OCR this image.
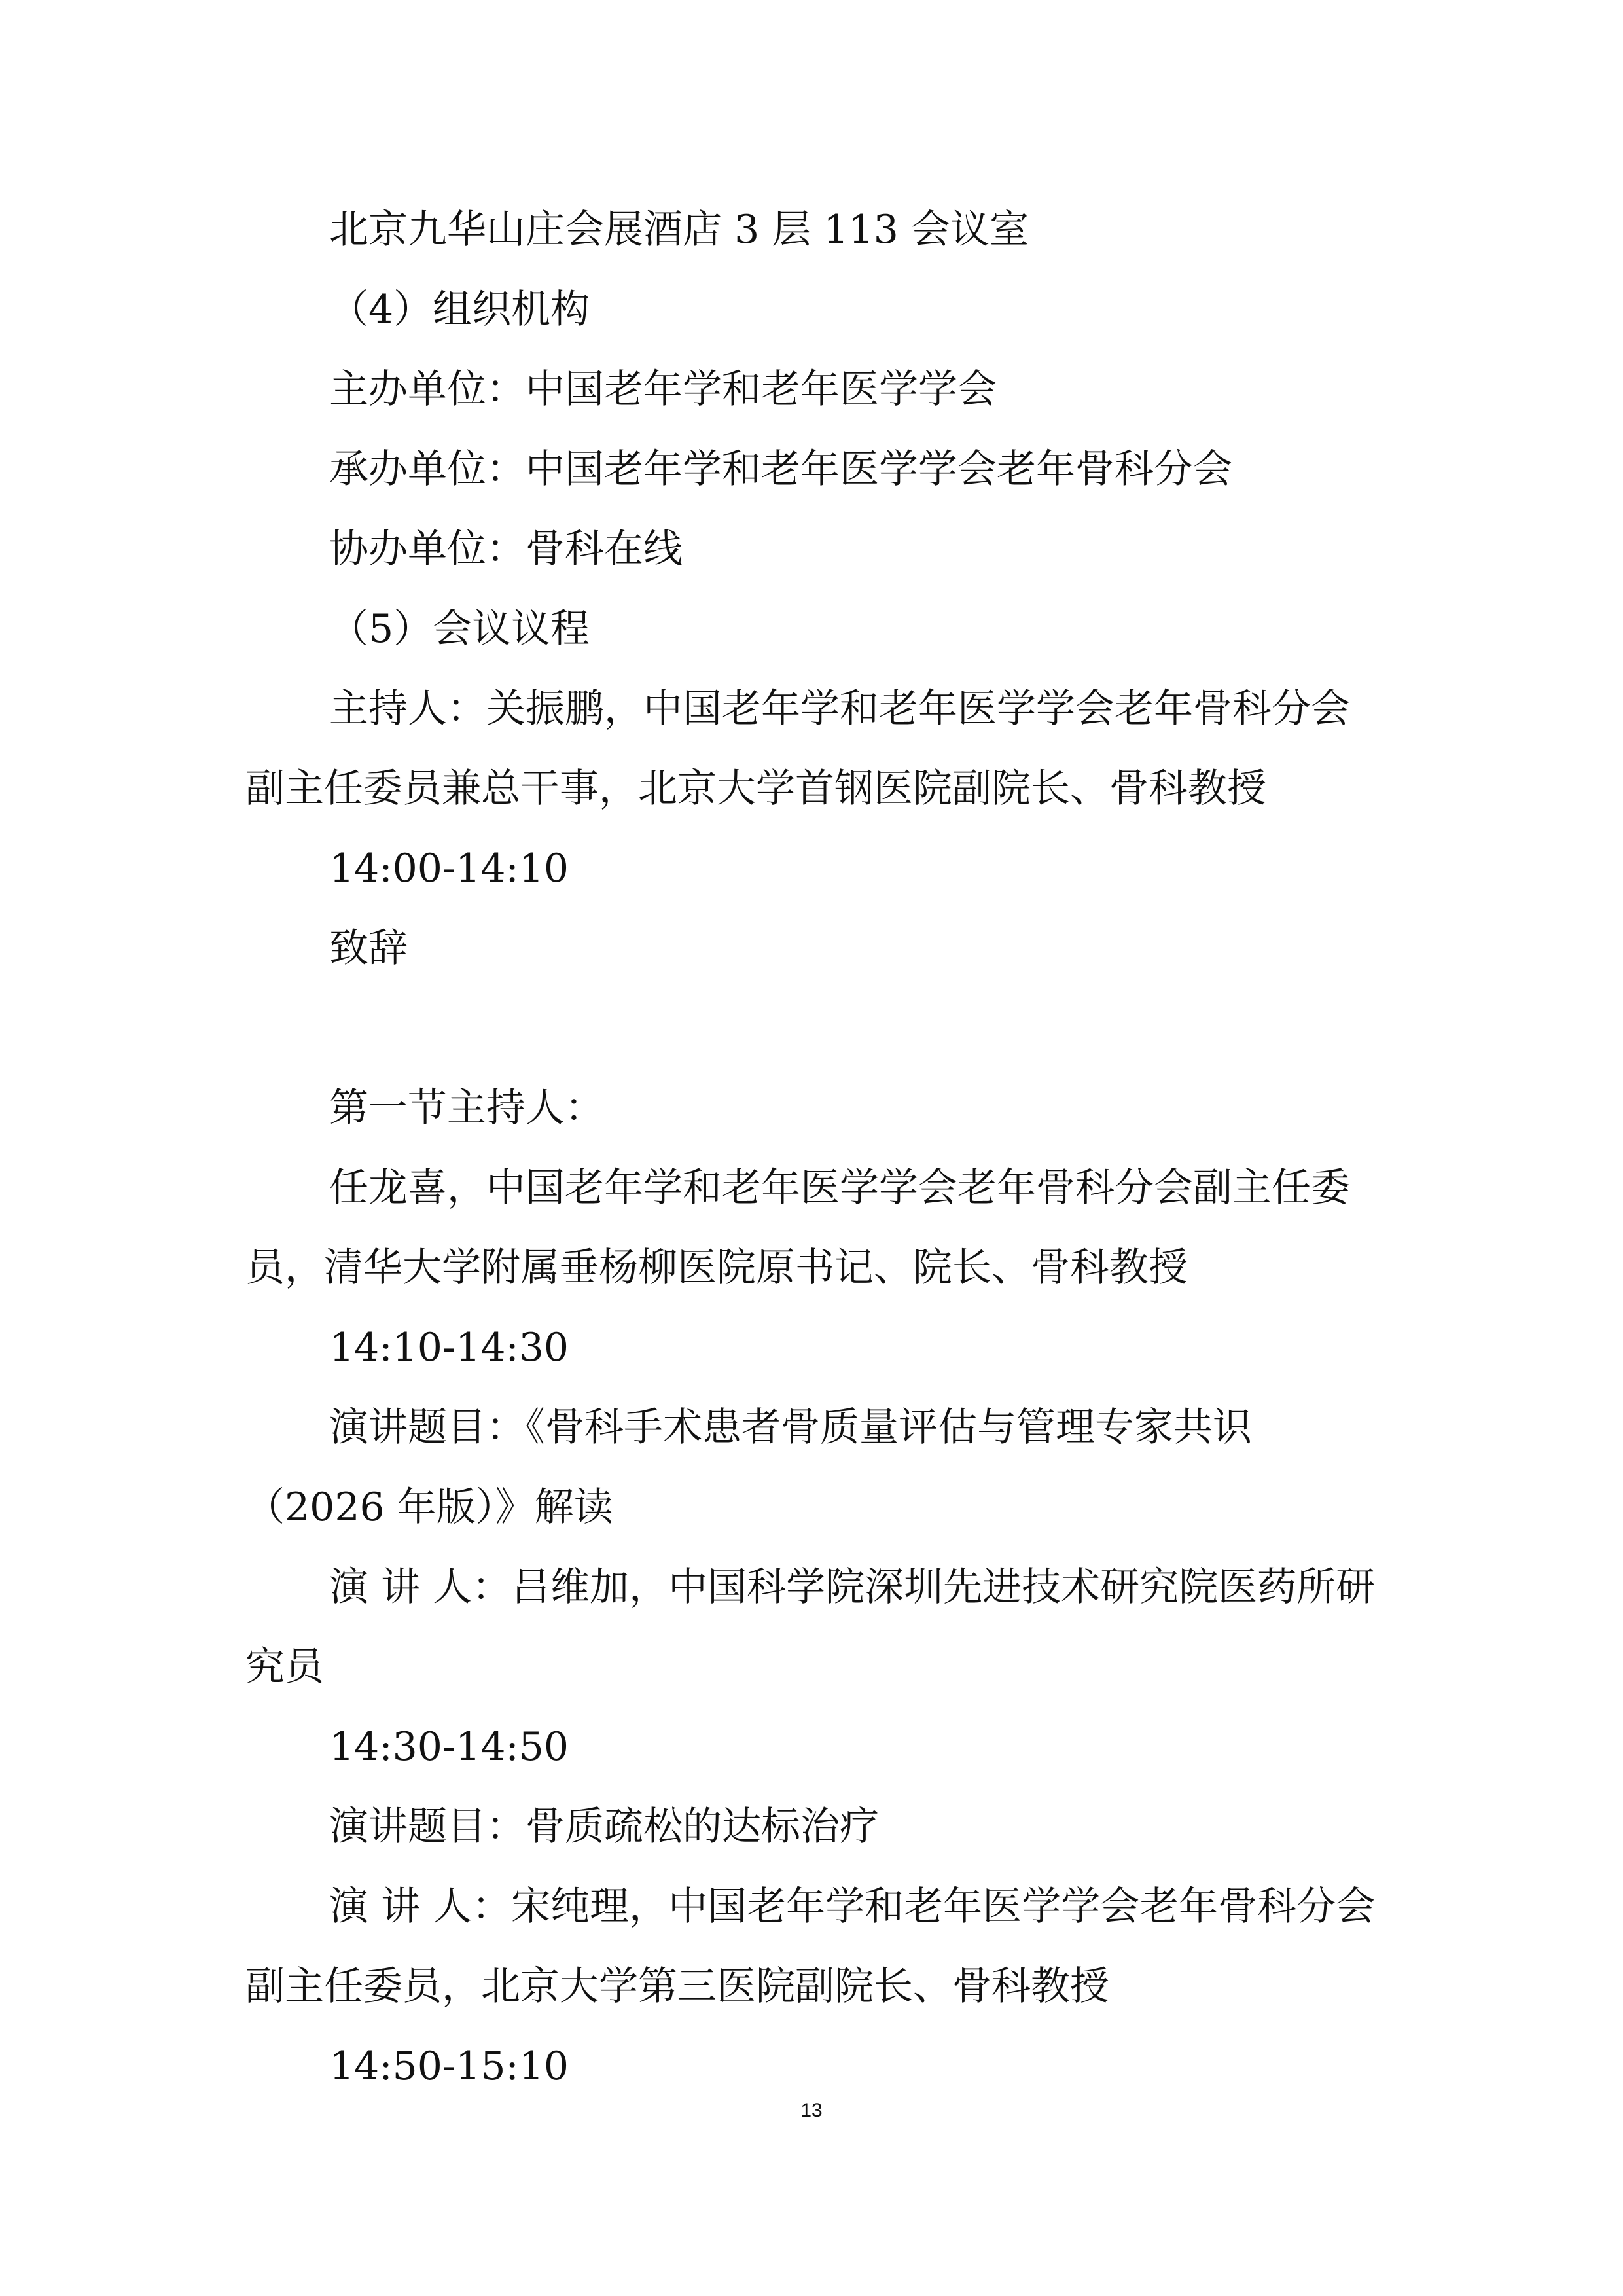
北京九华山庄会展酒店 3 层 113 会议室

（4）组织机构

主办单位：中国老年学和老年医学学会

承办单位：中国老年学和老年医学学会老年骨科分会

协办单位：骨科在线

（5）会议议程

主持人：关振鹏，中国老年学和老年医学学会老年骨科分会副主任委员兼总干事，北京大学首钢医院副院长、骨科教授

14:00-14:10

致辞

第一节主持人：

任龙喜，中国老年学和老年医学学会老年骨科分会副主任委员，清华大学附属垂杨柳医院原书记、院长、骨科教授

14:10-14:30

演讲题目：《骨科手术患者骨质量评估与管理专家共识（2026 年版）》解读

演 讲 人：吕维加，中国科学院深圳先进技术研究院医药所研究员

14:30-14:50

演讲题目：骨质疏松的达标治疗

演 讲 人：宋纯理，中国老年学和老年医学学会老年骨科分会副主任委员，北京大学第三医院副院长、骨科教授

14:50-15:10

13
